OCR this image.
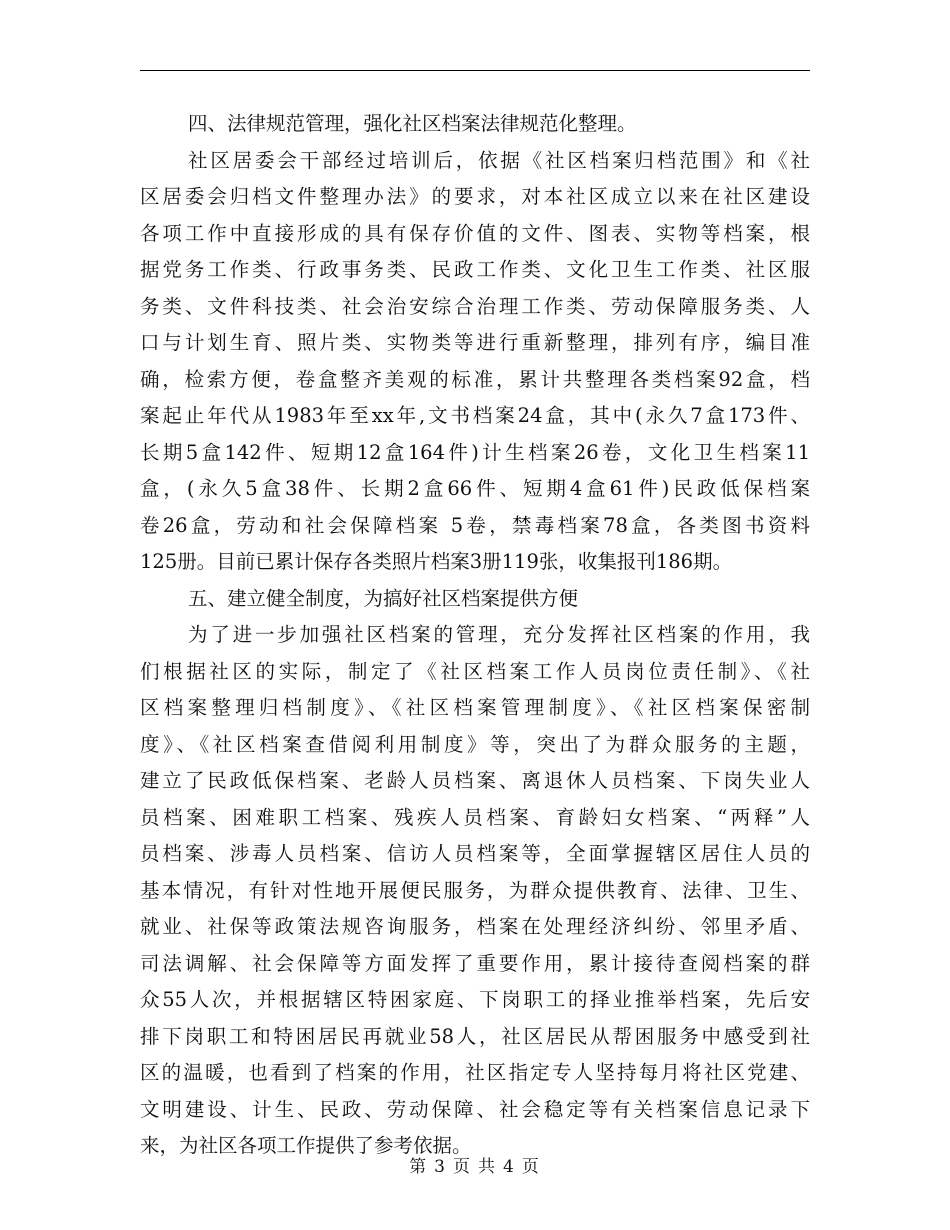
四、法律规范管理，强化社区档案法律规范化整理。
社区居委会干部经过培训后，依据《社区档案归档范围》和《社
区居委会归档文件整理办法》的要求，对本社区成立以来在社区建设
各项工作中直接形成的具有保存价值的文件、图表、实物等档案，根
据党务工作类、行政事务类、民政工作类、文化卫生工作类、社区服
务类、文件科技类、社会治安综合治理工作类、劳动保障服务类、人
口与计划生育、照片类、实物类等进行重新整理，排列有序，编目准
确，检索方便，卷盒整齐美观的标准，累计共整理各类档案92盒，档
案起止年代从1983年至xx年,文书档案24盒，其中(永久7盒173件、
长期5盒142件、短期12盒164件)计生档案26卷，文化卫生档案11
盒，(永久5盒38件、长期2盒66件、短期4盒61件)民政低保档案
卷26盒，劳动和社会保障档案 5卷，禁毒档案78盒，各类图书资料
125册。目前已累计保存各类照片档案3册119张，收集报刊186期。
五、建立健全制度，为搞好社区档案提供方便
为了进一步加强社区档案的管理，充分发挥社区档案的作用，我
们根据社区的实际，制定了《社区档案工作人员岗位责任制》、《社
区档案整理归档制度》、《社区档案管理制度》、《社区档案保密制
度》、《社区档案查借阅利用制度》等，突出了为群众服务的主题，
建立了民政低保档案、老龄人员档案、离退休人员档案、下岗失业人
员档案、困难职工档案、残疾人员档案、育龄妇女档案、“两释”人
员档案、涉毒人员档案、信访人员档案等，全面掌握辖区居住人员的
基本情况，有针对性地开展便民服务，为群众提供教育、法律、卫生、
就业、社保等政策法规咨询服务，档案在处理经济纠纷、邻里矛盾、
司法调解、社会保障等方面发挥了重要作用，累计接待查阅档案的群
众55人次，并根据辖区特困家庭、下岗职工的择业推举档案，先后安
排下岗职工和特困居民再就业58人，社区居民从帮困服务中感受到社
区的温暖，也看到了档案的作用，社区指定专人坚持每月将社区党建、
文明建设、计生、民政、劳动保障、社会稳定等有关档案信息记录下
来，为社区各项工作提供了参考依据。
第 3 页 共 4 页
